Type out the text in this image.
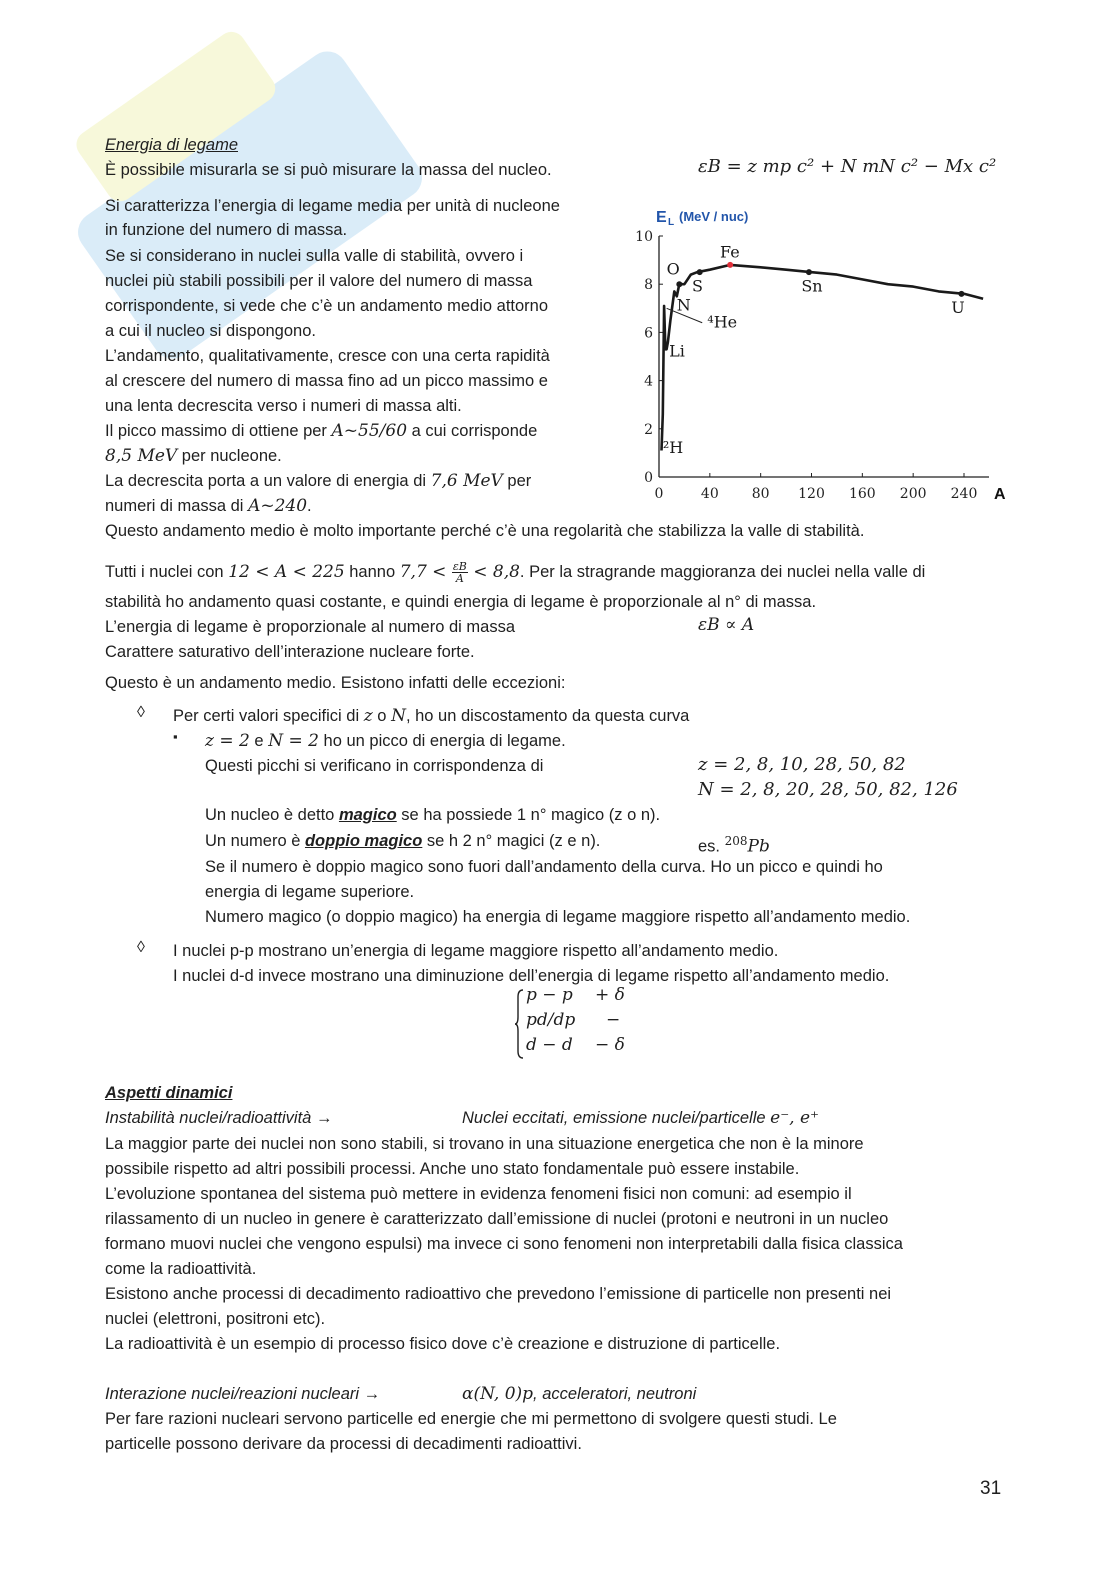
Energia di legame
È possibile misurarla se si può misurare la massa del nucleo.	εB = z mp c² + N mN c² − Mx c²
Si caratterizza l’energia di legame media per unità di nucleone
in funzione del numero di massa.
Se si considerano in nuclei sulla valle di stabilità, ovvero i
nuclei più stabili possibili per il valore del numero di massa
corrispondente, si vede che c’è un andamento medio attorno
a cui il nucleo si dispongono.
L’andamento, qualitativamente, cresce con una certa rapidità
al crescere del numero di massa fino ad un picco massimo e
una lenta decrescita verso i numeri di massa alti.
Il picco massimo di ottiene per A~55/60 a cui corrisponde
8,5 MeV per nucleone.
La decrescita porta a un valore di energia di 7,6 MeV per
numeri di massa di A~240.
Questo andamento medio è molto importante perché c’è una regolarità che stabilizza la valle di stabilità.
Tutti i nuclei con 12 < A < 225 hanno $7,7 < \frac{\varepsilon B}{A} < 8,8$. Per la stragrande maggioranza dei nuclei nella valle di
stabilità ho andamento quasi costante, e quindi energia di legame è proporzionale al n° di massa.
L’energia di legame è proporzionale al numero di massa	εB ∝ A
Carattere saturativo dell’interazione nucleare forte.
Questo è un andamento medio. Esistono infatti delle eccezioni:
◊ Per certi valori specifici di z o N, ho un discostamento da questa curva
▪ z = 2 e N = 2 ho un picco di energia di legame.
Questi picchi si verificano in corrispondenza di	z = 2, 8, 10, 28, 50, 82
N = 2, 8, 20, 28, 50, 82, 126
Un nucleo è detto magico se ha possiede 1 n° magico (z o n).
Un numero è doppio magico se h 2 n° magici (z e n).	es. $^{208}$Pb
Se il numero è doppio magico sono fuori dall’andamento della curva. Ho un picco e quindi ho
energia di legame superiore.
Numero magico (o doppio magico) ha energia di legame maggiore rispetto all’andamento medio.
◊ I nuclei p-p mostrano un’energia di legame maggiore rispetto all’andamento medio.
I nuclei d-d invece mostrano una diminuzione dell’energia di legame rispetto all’andamento medio.
p − p + δ
pd/dp −
d − d − δ
Aspetti dinamici
Instabilità nuclei/radioattività →	Nuclei eccitati, emissione nuclei/particelle e⁻, e⁺
La maggior parte dei nuclei non sono stabili, si trovano in una situazione energetica che non è la minore
possibile rispetto ad altri possibili processi. Anche uno stato fondamentale può essere instabile.
L’evoluzione spontanea del sistema può mettere in evidenza fenomeni fisici non comuni: ad esempio il
rilassamento di un nucleo in genere è caratterizzato dall’emissione di nuclei (protoni e neutroni in un nucleo
formano muovi nuclei che vengono espulsi) ma invece ci sono fenomeni non interpretabili dalla fisica classica
come la radioattività.
Esistono anche processi di decadimento radioattivo che prevedono l’emissione di particelle non presenti nei
nuclei (elettroni, positroni etc).
La radioattività è un esempio di processo fisico dove c’è creazione e distruzione di particelle.
Interazione nuclei/reazioni nucleari →	α(N, 0)p, acceleratori, neutroni
Per fare razioni nucleari servono particelle ed energie che mi permettono di svolgere questi studi. Le
particelle possono derivare da processi di decadimenti radioattivi.
31
0	40 80 120 160 200 240
0
2
4
6
8
10
E L (MeV / nuc)
A
²H
Li
⁴He
N
O
S
Fe
Sn
U
